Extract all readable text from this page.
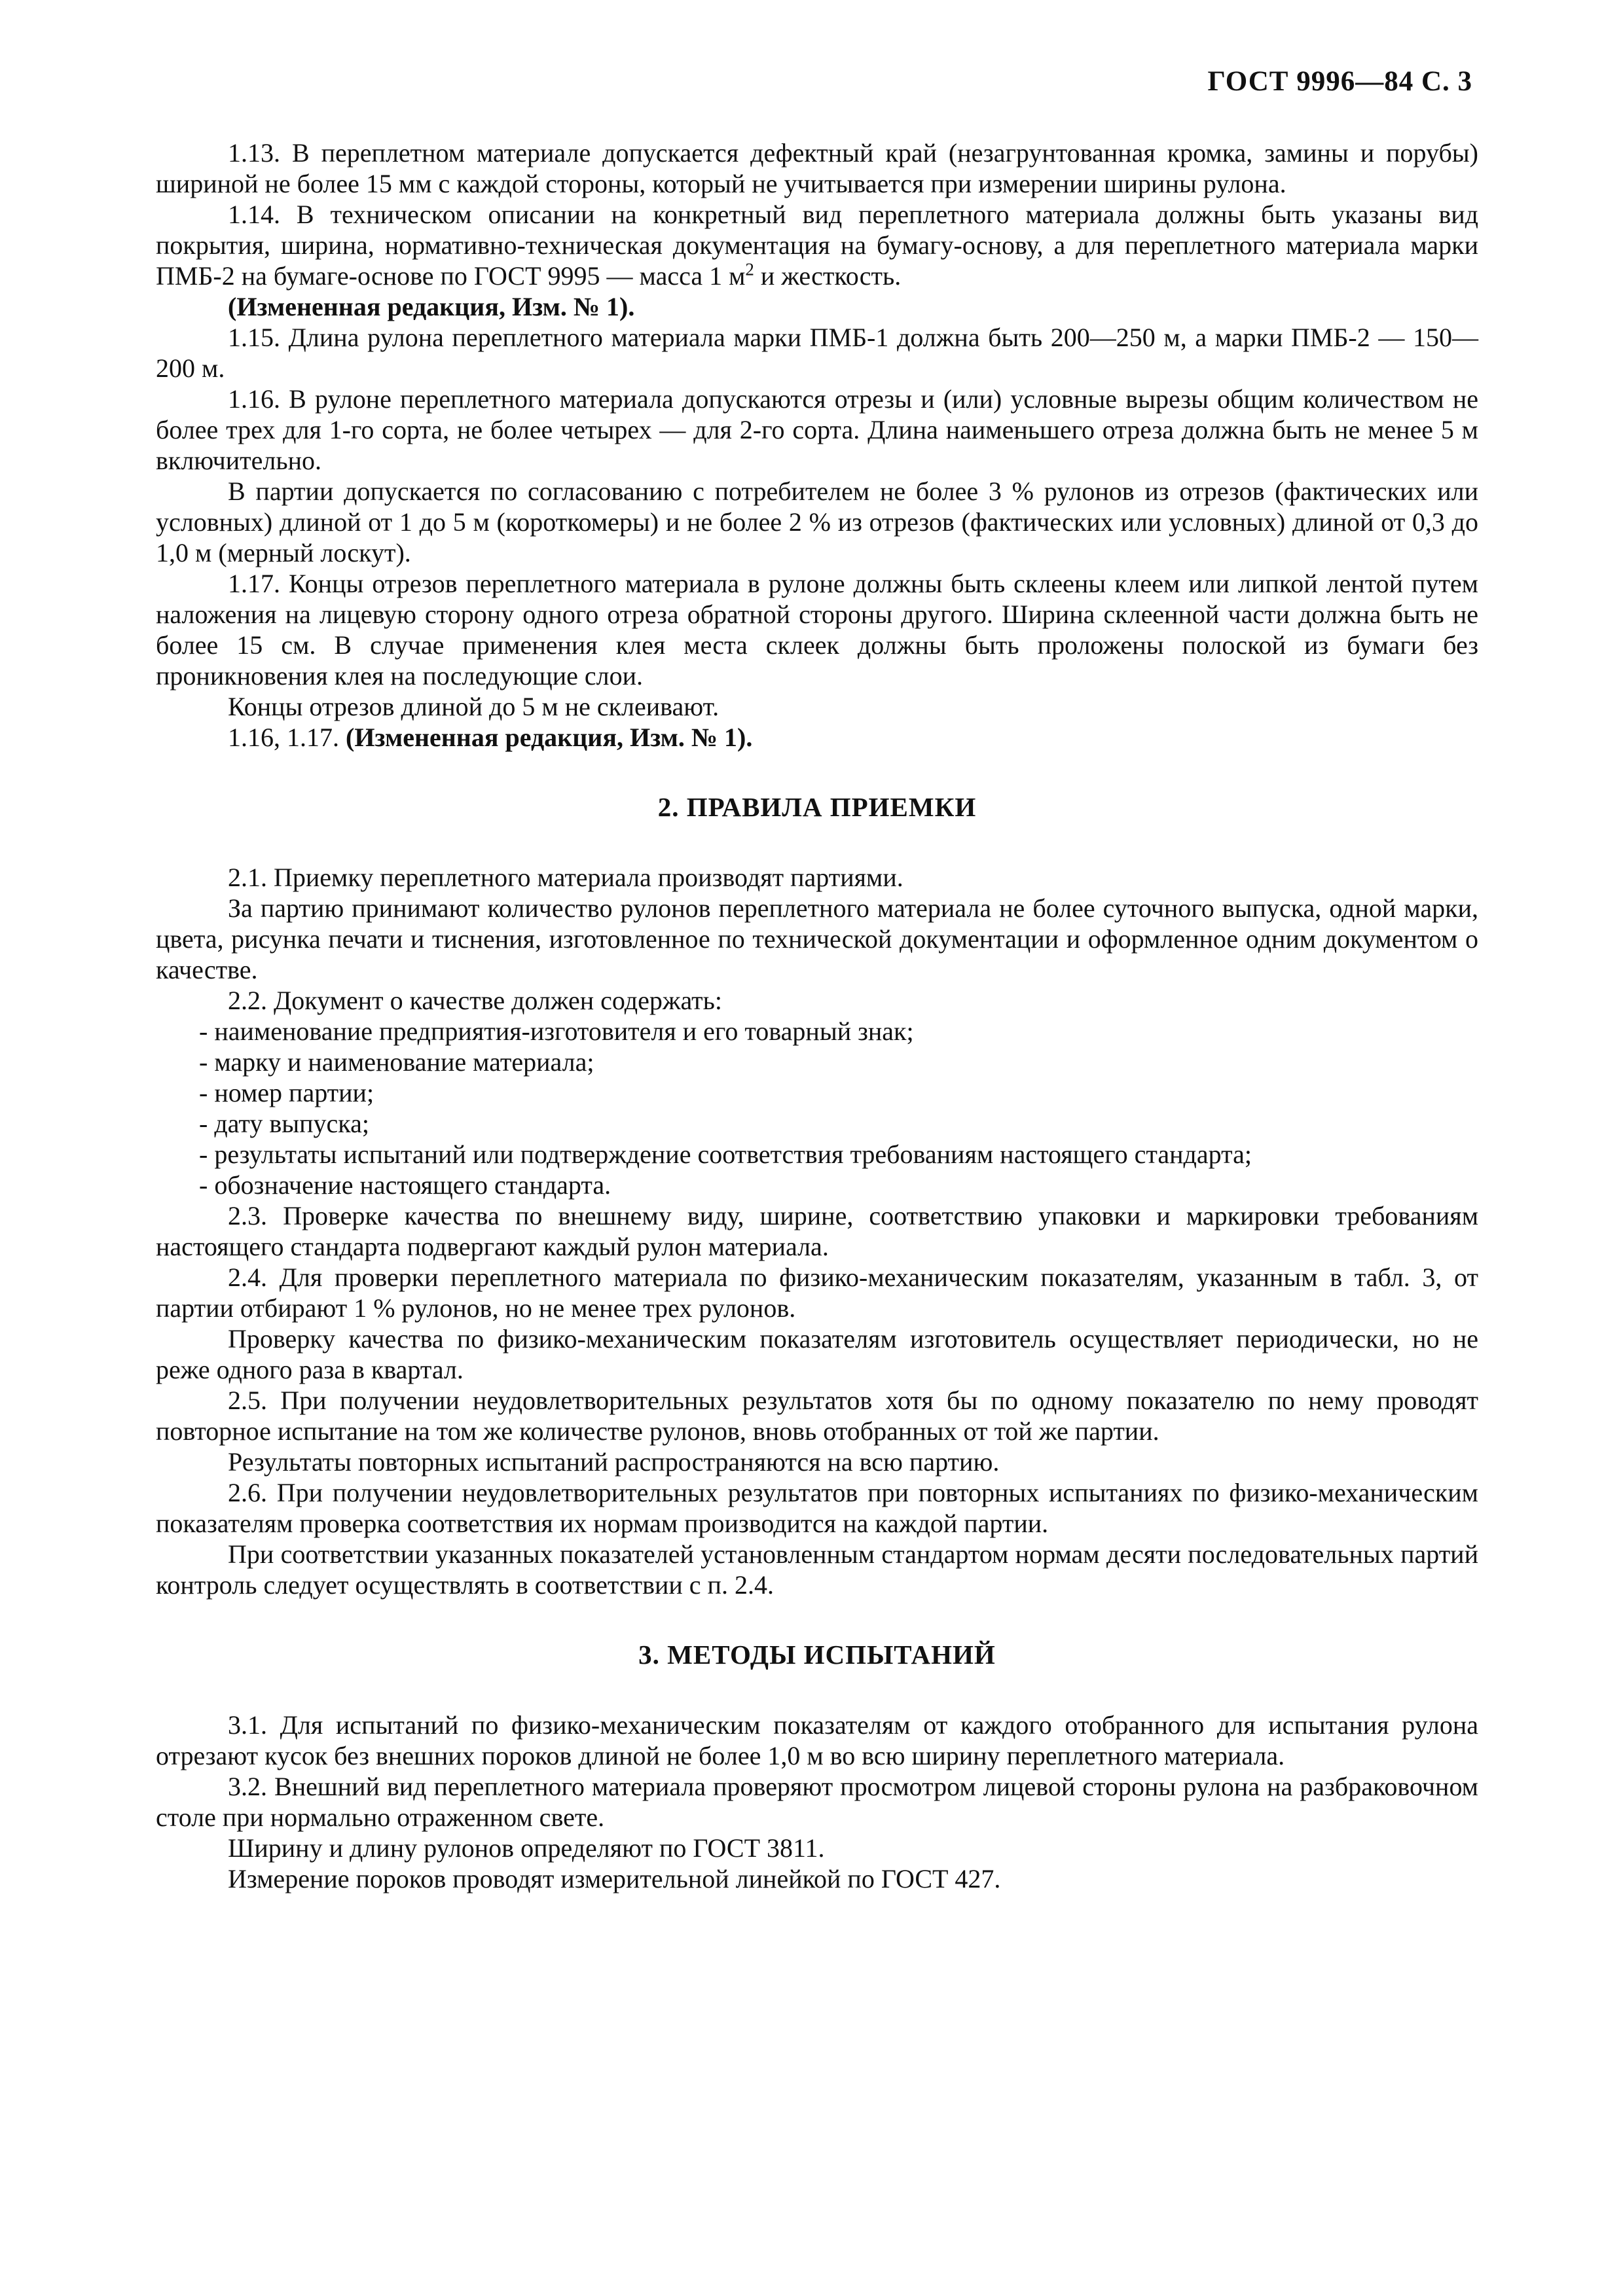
ГОСТ 9996—84 С. 3

1.13. В переплетном материале допускается дефектный край (незагрунтованная кромка, замины и порубы) шириной не более 15 мм с каждой стороны, который не учитывается при измерении ширины рулона.

1.14. В техническом описании на конкретный вид переплетного материала должны быть указаны вид покрытия, ширина, нормативно-техническая документация на бумагу-основу, а для переплетного материала марки ПМБ-2 на бумаге-основе по ГОСТ 9995 — масса 1 $м^2$ и жесткость.

(Измененная редакция, Изм. № 1).

1.15. Длина рулона переплетного материала марки ПМБ-1 должна быть 200—250 м, а марки ПМБ-2 — 150—200 м.

1.16. В рулоне переплетного материала допускаются отрезы и (или) условные вырезы общим количеством не более трех для 1-го сорта, не более четырех — для 2-го сорта. Длина наименьшего отреза должна быть не менее 5 м включительно.

В партии допускается по согласованию с потребителем не более 3 % рулонов из отрезов (фактических или условных) длиной от 1 до 5 м (короткомеры) и не более 2 % из отрезов (фактических или условных) длиной от 0,3 до 1,0 м (мерный лоскут).

1.17. Концы отрезов переплетного материала в рулоне должны быть склеены клеем или липкой лентой путем наложения на лицевую сторону одного отреза обратной стороны другого. Ширина склеенной части должна быть не более 15 см. В случае применения клея места склеек должны быть проложены полоской из бумаги без проникновения клея на последующие слои.

Концы отрезов длиной до 5 м не склеивают.

1.16, 1.17. (Измененная редакция, Изм. № 1).

2. ПРАВИЛА ПРИЕМКИ

2.1. Приемку переплетного материала производят партиями.

За партию принимают количество рулонов переплетного материала не более суточного выпуска, одной марки, цвета, рисунка печати и тиснения, изготовленное по технической документации и оформленное одним документом о качестве.

2.2. Документ о качестве должен содержать:

- наименование предприятия-изготовителя и его товарный знак;

- марку и наименование материала;

- номер партии;

- дату выпуска;

- результаты испытаний или подтверждение соответствия требованиям настоящего стандарта;

- обозначение настоящего стандарта.

2.3. Проверке качества по внешнему виду, ширине, соответствию упаковки и маркировки требованиям настоящего стандарта подвергают каждый рулон материала.

2.4. Для проверки переплетного материала по физико-механическим показателям, указанным в табл. 3, от партии отбирают 1 % рулонов, но не менее трех рулонов.

Проверку качества по физико-механическим показателям изготовитель осуществляет периодически, но не реже одного раза в квартал.

2.5. При получении неудовлетворительных результатов хотя бы по одному показателю по нему проводят повторное испытание на том же количестве рулонов, вновь отобранных от той же партии.

Результаты повторных испытаний распространяются на всю партию.

2.6. При получении неудовлетворительных результатов при повторных испытаниях по физико-механическим показателям проверка соответствия их нормам производится на каждой партии.

При соответствии указанных показателей установленным стандартом нормам десяти последовательных партий контроль следует осуществлять в соответствии с п. 2.4.

3. МЕТОДЫ ИСПЫТАНИЙ

3.1. Для испытаний по физико-механическим показателям от каждого отобранного для испытания рулона отрезают кусок без внешних пороков длиной не более 1,0 м во всю ширину переплетного материала.

3.2. Внешний вид переплетного материала проверяют просмотром лицевой стороны рулона на разбраковочном столе при нормально отраженном свете.

Ширину и длину рулонов определяют по ГОСТ 3811.

Измерение пороков проводят измерительной линейкой по ГОСТ 427.
